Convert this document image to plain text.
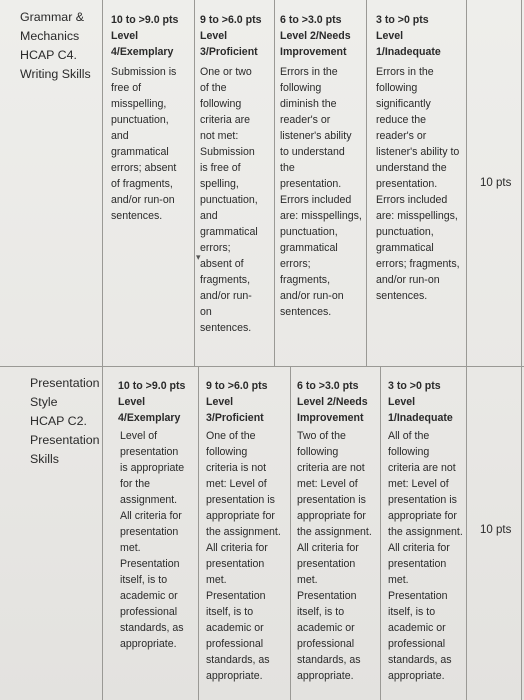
Grammar &
Mechanics
HCAP C4.
Writing Skills
10 to >9.0 pts
Level
4/Exemplary
Submission is
free of
misspelling,
punctuation,
and
grammatical
errors; absent
of fragments,
and/or run-on
sentences.
9 to >6.0 pts
Level
3/Proficient
One or two
of the
following
criteria are
not met:
Submission
is free of
spelling,
punctuation,
and
grammatical
errors;
absent of
fragments,
and/or run-
on
sentences.
▾
6 to >3.0 pts
Level 2/Needs
Improvement
Errors in the
following
diminish the
reader's or
listener's ability
to understand
the
presentation.
Errors included
are: misspellings,
punctuation,
grammatical
errors;
fragments,
and/or run-on
sentences.
3 to >0 pts
Level
1/Inadequate
Errors in the
following
significantly
reduce the
reader's or
listener's ability to
understand the
presentation.
Errors included
are: misspellings,
punctuation,
grammatical
errors; fragments,
and/or run-on
sentences.
10 pts
Presentation
Style
HCAP C2.
Presentation
Skills
10 to >9.0 pts
Level
4/Exemplary
Level of
presentation
is appropriate
for the
assignment.
All criteria for
presentation
met.
Presentation
itself, is to
academic or
professional
standards, as
appropriate.
9 to >6.0 pts
Level
3/Proficient
One of the
following
criteria is not
met: Level of
presentation is
appropriate for
the assignment.
All criteria for
presentation
met.
Presentation
itself, is to
academic or
professional
standards, as
appropriate.
6 to >3.0 pts
Level 2/Needs
Improvement
Two of the
following
criteria are not
met: Level of
presentation is
appropriate for
the assignment.
All criteria for
presentation
met.
Presentation
itself, is to
academic or
professional
standards, as
appropriate.
3 to >0 pts
Level
1/Inadequate
All of the
following
criteria are not
met: Level of
presentation is
appropriate for
the assignment.
All criteria for
presentation
met.
Presentation
itself, is to
academic or
professional
standards, as
appropriate.
10 pts
